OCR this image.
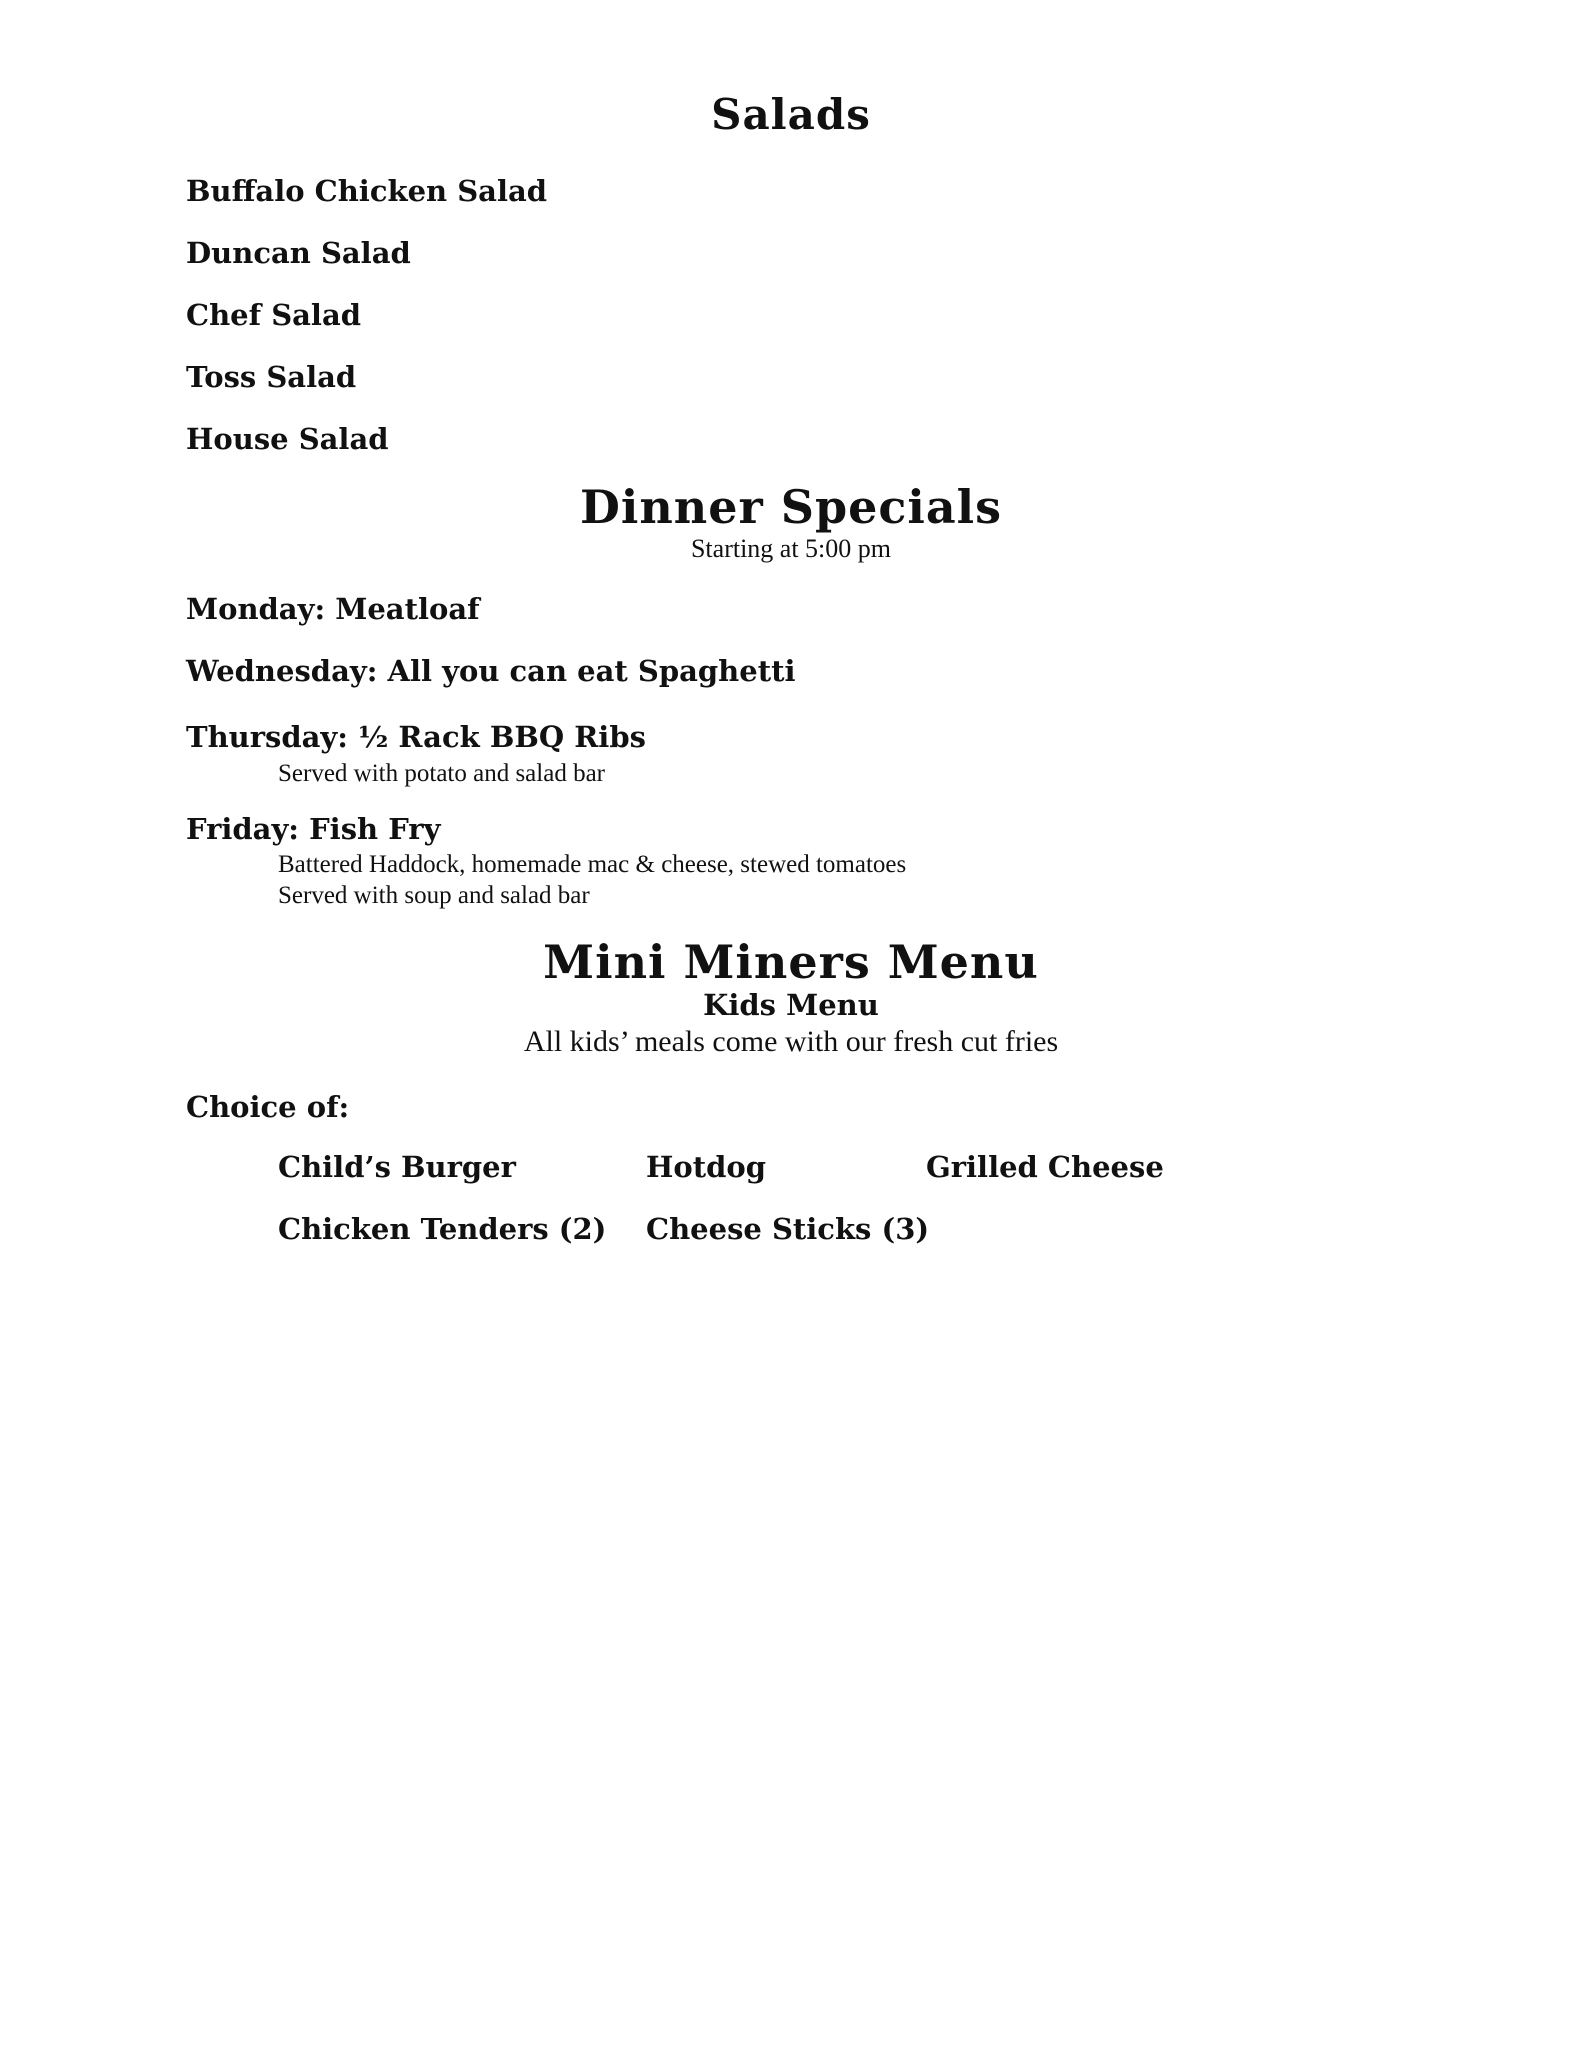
Salads
Buffalo Chicken Salad
Duncan Salad
Chef Salad
Toss Salad
House Salad
Dinner Specials
Starting at 5:00 pm
Monday: Meatloaf
Wednesday: All you can eat Spaghetti
Thursday: ½ Rack BBQ Ribs
Served with potato and salad bar
Friday: Fish Fry
Battered Haddock, homemade mac & cheese, stewed tomatoes
Served with soup and salad bar
Mini Miners Menu
Kids Menu
All kids’ meals come with our fresh cut fries
Choice of:
Child’s Burger	Hotdog	Grilled Cheese
Chicken Tenders (2) Cheese Sticks (3)
